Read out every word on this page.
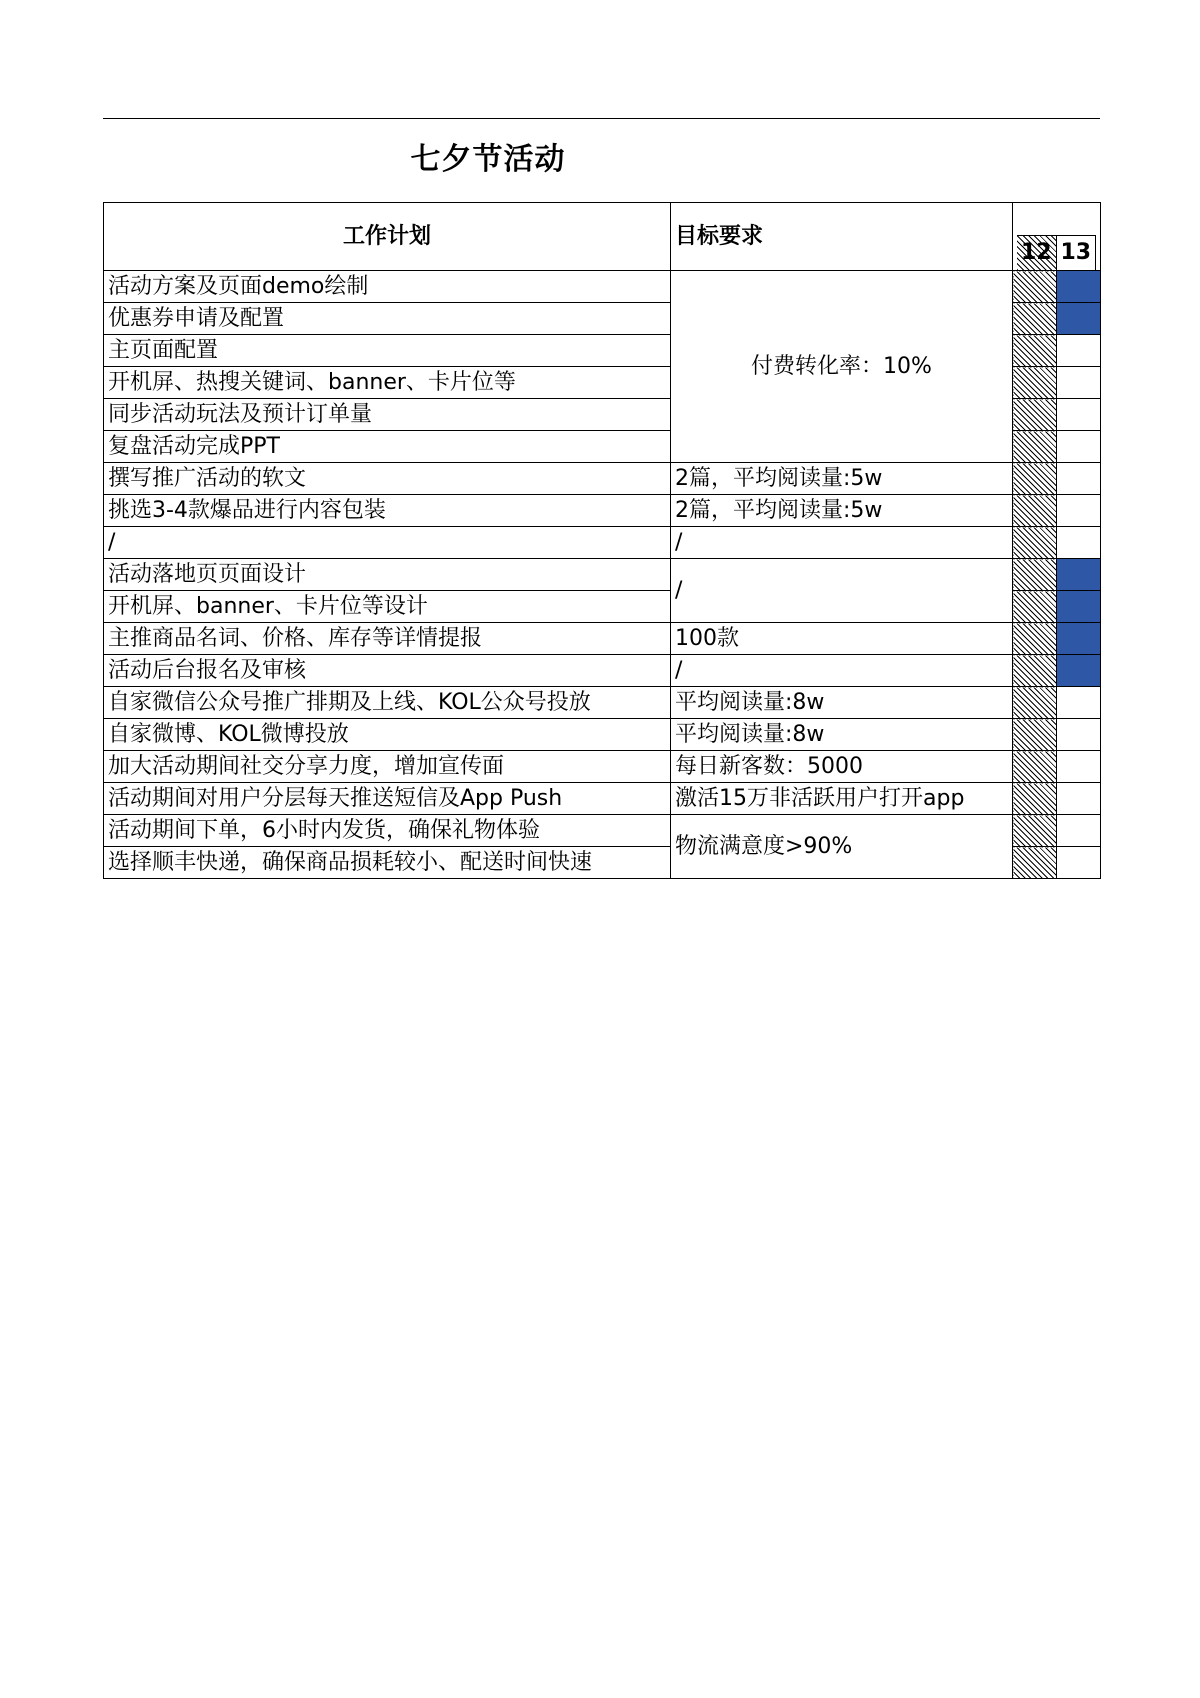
七夕节活动
工作计划	目标要求	12 13	

活动方案及页面demo绘制	付费转化率：10%		
优惠券申请及配置			
主页面配置			
开机屏、热搜关键词、banner、卡片位等			
同步活动玩法及预计订单量			
复盘活动完成PPT			
撰写推广活动的软文	2篇，平均阅读量:5w		
挑选3-4款爆品进行内容包装	2篇，平均阅读量:5w		
/	/		
活动落地页页面设计	/		
开机屏、banner、卡片位等设计			
主推商品名词、价格、库存等详情提报	100款		
活动后台报名及审核	/		
自家微信公众号推广排期及上线、KOL公众号投放	平均阅读量:8w		
自家微博、KOL微博投放	平均阅读量:8w		
加大活动期间社交分享力度，增加宣传面	每日新客数：5000		
活动期间对用户分层每天推送短信及App Push	激活15万非活跃用户打开app		
活动期间下单，6小时内发货，确保礼物体验	物流满意度>90%		
选择顺丰快递，确保商品损耗较小、配送时间快速			
